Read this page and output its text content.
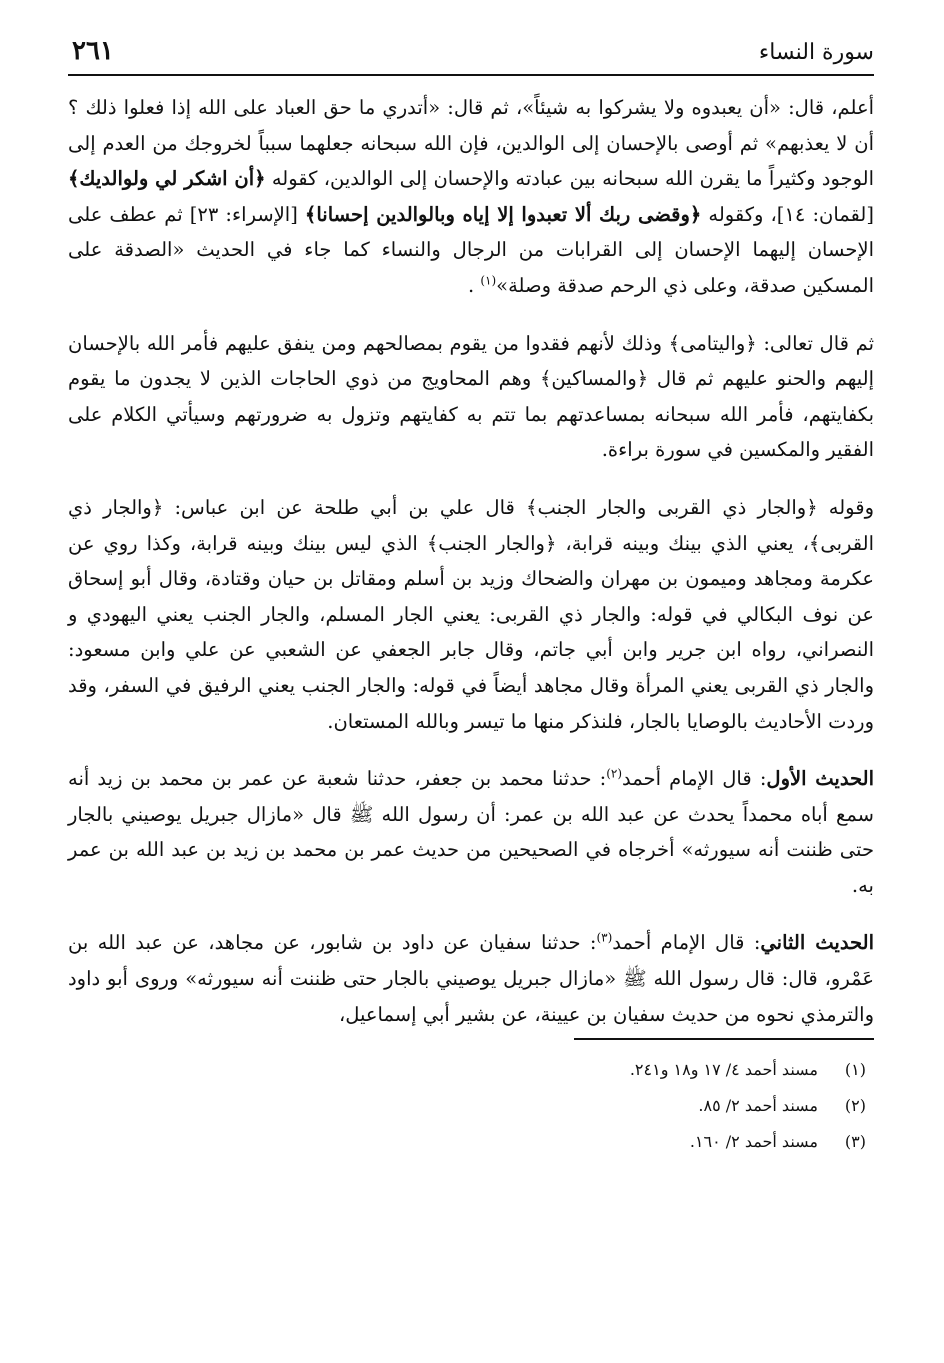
سورة النساء
٢٦١

أعلم، قال: «أن يعبدوه ولا يشركوا به شيئاً»، ثم قال: «أتدري ما حق العباد على الله إذا فعلوا ذلك ؟ أن لا يعذبهم» ثم أوصى بالإحسان إلى الوالدين، فإن الله سبحانه جعلهما سبباً لخروجك من العدم إلى الوجود وكثيراً ما يقرن الله سبحانه بين عبادته والإحسان إلى الوالدين، كقوله ﴿أن اشكر لي ولوالديك﴾ [لقمان: ١٤]، وكقوله ﴿وقضى ربك ألا تعبدوا إلا إياه وبالوالدين إحسانا﴾ [الإسراء: ٢٣] ثم عطف على الإحسان إليهما الإحسان إلى القرابات من الرجال والنساء كما جاء في الحديث «الصدقة على المسكين صدقة، وعلى ذي الرحم صدقة وصلة»$^{(١)}$ .

ثم قال تعالى: ﴿واليتامى﴾ وذلك لأنهم فقدوا من يقوم بمصالحهم ومن ينفق عليهم فأمر الله بالإحسان إليهم والحنو عليهم ثم قال ﴿والمساكين﴾ وهم المحاويج من ذوي الحاجات الذين لا يجدون ما يقوم بكفايتهم، فأمر الله سبحانه بمساعدتهم بما تتم به كفايتهم وتزول به ضرورتهم وسيأتي الكلام على الفقير والمكسين في سورة براءة.

وقوله ﴿والجار ذي القربى والجار الجنب﴾ قال علي بن أبي طلحة عن ابن عباس: ﴿والجار ذي القربى﴾، يعني الذي بينك وبينه قرابة، ﴿والجار الجنب﴾ الذي ليس بينك وبينه قرابة، وكذا روي عن عكرمة ومجاهد وميمون بن مهران والضحاك وزيد بن أسلم ومقاتل بن حيان وقتادة، وقال أبو إسحاق عن نوف البكالي في قوله: والجار ذي القربى: يعني الجار المسلم، والجار الجنب يعني اليهودي و النصراني، رواه ابن جرير وابن أبي جاتم، وقال جابر الجعفي عن الشعبي عن علي وابن مسعود: والجار ذي القربى يعني المرأة وقال مجاهد أيضاً في قوله: والجار الجنب يعني الرفيق في السفر، وقد وردت الأحاديث بالوصايا بالجار، فلنذكر منها ما تيسر وبالله المستعان.

الحديث الأول: قال الإمام أحمد$^{(٢)}$: حدثنا محمد بن جعفر، حدثنا شعبة عن عمر بن محمد بن زيد أنه سمع أباه محمداً يحدث عن عبد الله بن عمر: أن رسول الله ﷺ قال «مازال جبريل يوصيني بالجار حتى ظننت أنه سيورثه» أخرجاه في الصحيحين من حديث عمر بن محمد بن زيد بن عبد الله بن عمر به.

الحديث الثاني: قال الإمام أحمد$^{(٣)}$: حدثنا سفيان عن داود بن شابور، عن مجاهد، عن عبد الله بن عَمْرو، قال: قال رسول الله ﷺ «مازال جبريل يوصيني بالجار حتى ظننت أنه سيورثه» وروى أبو داود والترمذي نحوه من حديث سفيان بن عيينة، عن بشير أبي إسماعيل،

(١)
مسند أحمد ٤/ ١٧ و١٨ و٢٤١.
(٢)
مسند أحمد ٢/ ٨٥.
(٣)
مسند أحمد ٢/ ١٦٠.
